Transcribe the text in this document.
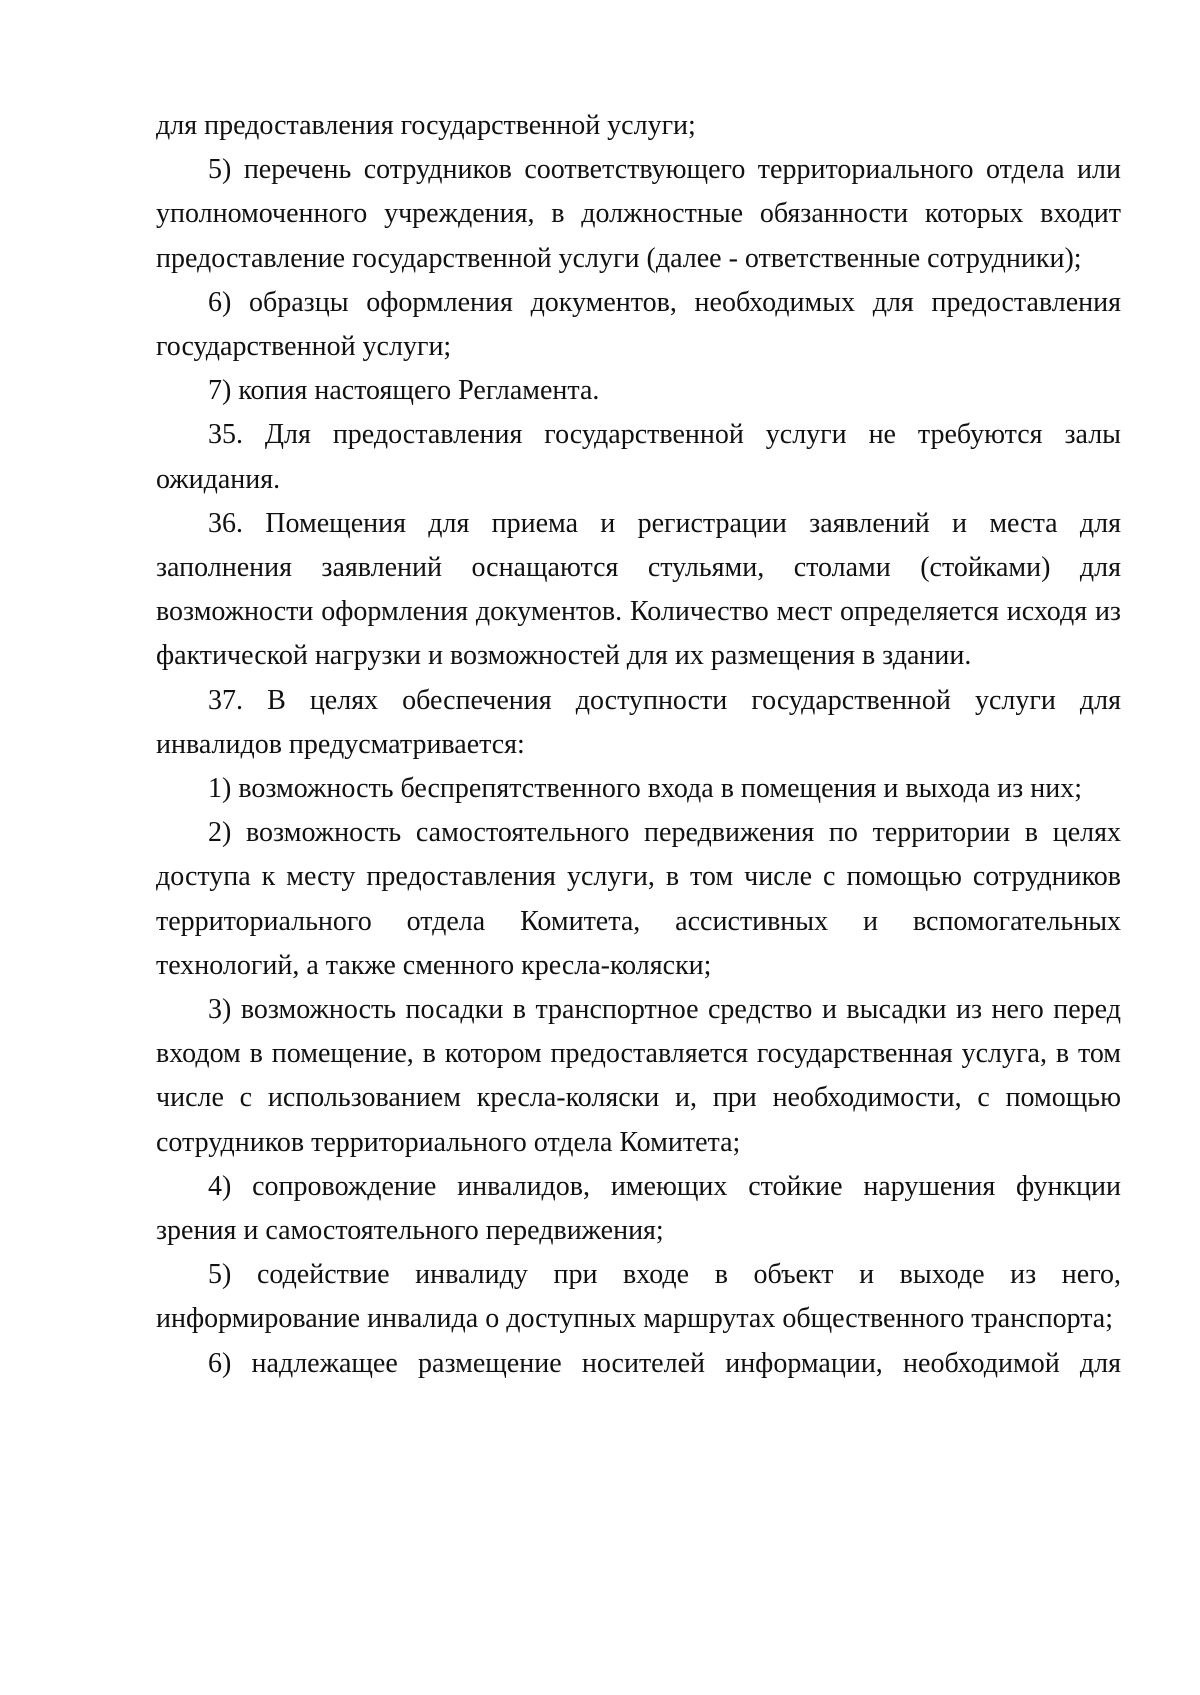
для предоставления государственной услуги;

5) перечень сотрудников соответствующего территориального отдела или уполномоченного учреждения, в должностные обязанности которых входит предоставление государственной услуги (далее - ответственные сотрудники);

6) образцы оформления документов, необходимых для предоставления государственной услуги;

7) копия настоящего Регламента.

35. Для предоставления государственной услуги не требуются залы ожидания.

36. Помещения для приема и регистрации заявлений и места для заполнения заявлений оснащаются стульями, столами (стойками) для возможности оформления документов. Количество мест определяется исходя из фактической нагрузки и возможностей для их размещения в здании.

37. В целях обеспечения доступности государственной услуги для инвалидов предусматривается:

1) возможность беспрепятственного входа в помещения и выхода из них;

2) возможность самостоятельного передвижения по территории в целях доступа к месту предоставления услуги, в том числе с помощью сотрудников территориального отдела Комитета, ассистивных и вспомогательных технологий, а также сменного кресла-коляски;

3) возможность посадки в транспортное средство и высадки из него перед входом в помещение, в котором предоставляется государственная услуга, в том числе с использованием кресла-коляски и, при необходимости, с помощью сотрудников территориального отдела Комитета;

4) сопровождение инвалидов, имеющих стойкие нарушения функции зрения и самостоятельного передвижения;

5) содействие инвалиду при входе в объект и выходе из него, информирование инвалида о доступных маршрутах общественного транспорта;

6) надлежащее размещение носителей информации, необходимой для
